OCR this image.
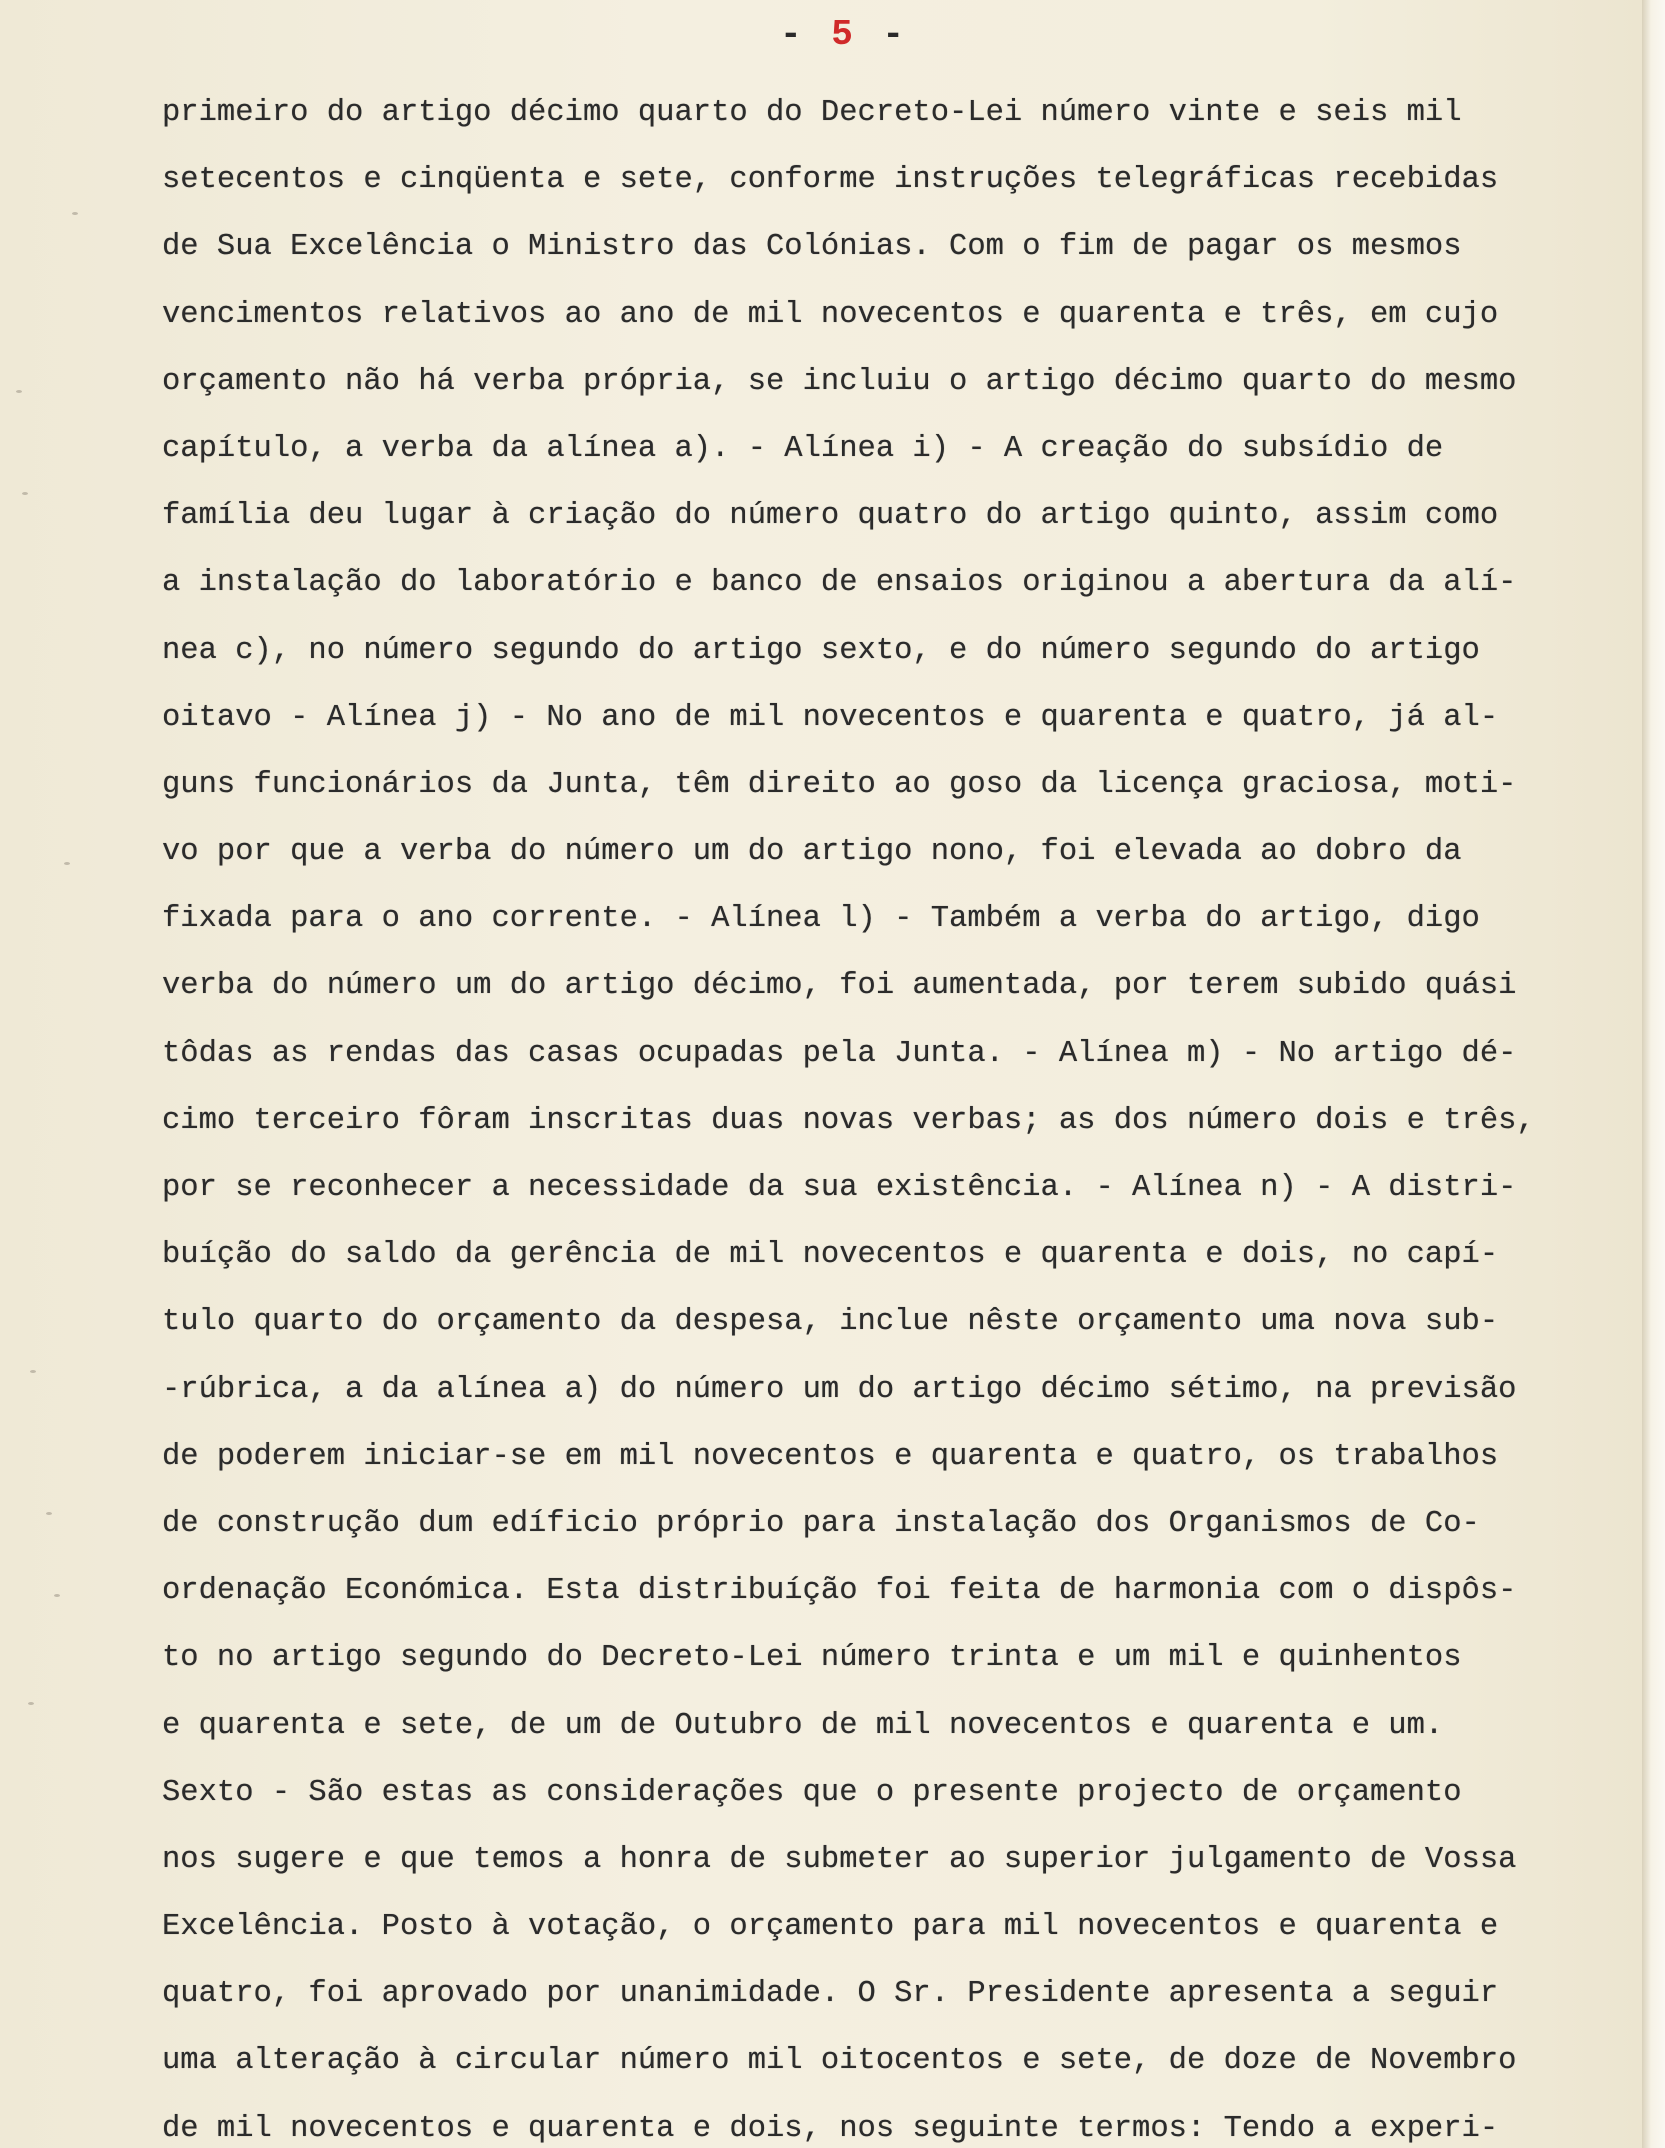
- 5 -
primeiro do artigo décimo quarto do Decreto-Lei número vinte e seis mil
setecentos e cinqüenta e sete, conforme instruções telegráficas recebidas
de Sua Excelência o Ministro das Colónias. Com o fim de pagar os mesmos
vencimentos relativos ao ano de mil novecentos e quarenta e três, em cujo
orçamento não há verba própria, se incluiu o artigo décimo quarto do mesmo
capítulo, a verba da alínea a). - Alínea i) - A creação do subsídio de
família deu lugar à criação do número quatro do artigo quinto, assim como
a instalação do laboratório e banco de ensaios originou a abertura da alí-
nea c), no número segundo do artigo sexto, e do número segundo do artigo
oitavo - Alínea j) - No ano de mil novecentos e quarenta e quatro, já al-
guns funcionários da Junta, têm direito ao goso da licença graciosa, moti-
vo por que a verba do número um do artigo nono, foi elevada ao dobro da
fixada para o ano corrente. - Alínea l) - Também a verba do artigo, digo
verba do número um do artigo décimo, foi aumentada, por terem subido quási
tôdas as rendas das casas ocupadas pela Junta. - Alínea m) - No artigo dé-
cimo terceiro fôram inscritas duas novas verbas; as dos número dois e três,
por se reconhecer a necessidade da sua existência. - Alínea n) - A distri-
buíção do saldo da gerência de mil novecentos e quarenta e dois, no capí-
tulo quarto do orçamento da despesa, inclue nêste orçamento uma nova sub-
-rúbrica, a da alínea a) do número um do artigo décimo sétimo, na previsão
de poderem iniciar-se em mil novecentos e quarenta e quatro, os trabalhos
de construção dum edíficio próprio para instalação dos Organismos de Co-
ordenação Económica. Esta distribuíção foi feita de harmonia com o dispôs-
to no artigo segundo do Decreto-Lei número trinta e um mil e quinhentos
e quarenta e sete, de um de Outubro de mil novecentos e quarenta e um.
Sexto - São estas as considerações que o presente projecto de orçamento
nos sugere e que temos a honra de submeter ao superior julgamento de Vossa
Excelência. Posto à votação, o orçamento para mil novecentos e quarenta e
quatro, foi aprovado por unanimidade. O Sr. Presidente apresenta a seguir
uma alteração à circular número mil oitocentos e sete, de doze de Novembro
de mil novecentos e quarenta e dois, nos seguinte termos: Tendo a experi-
